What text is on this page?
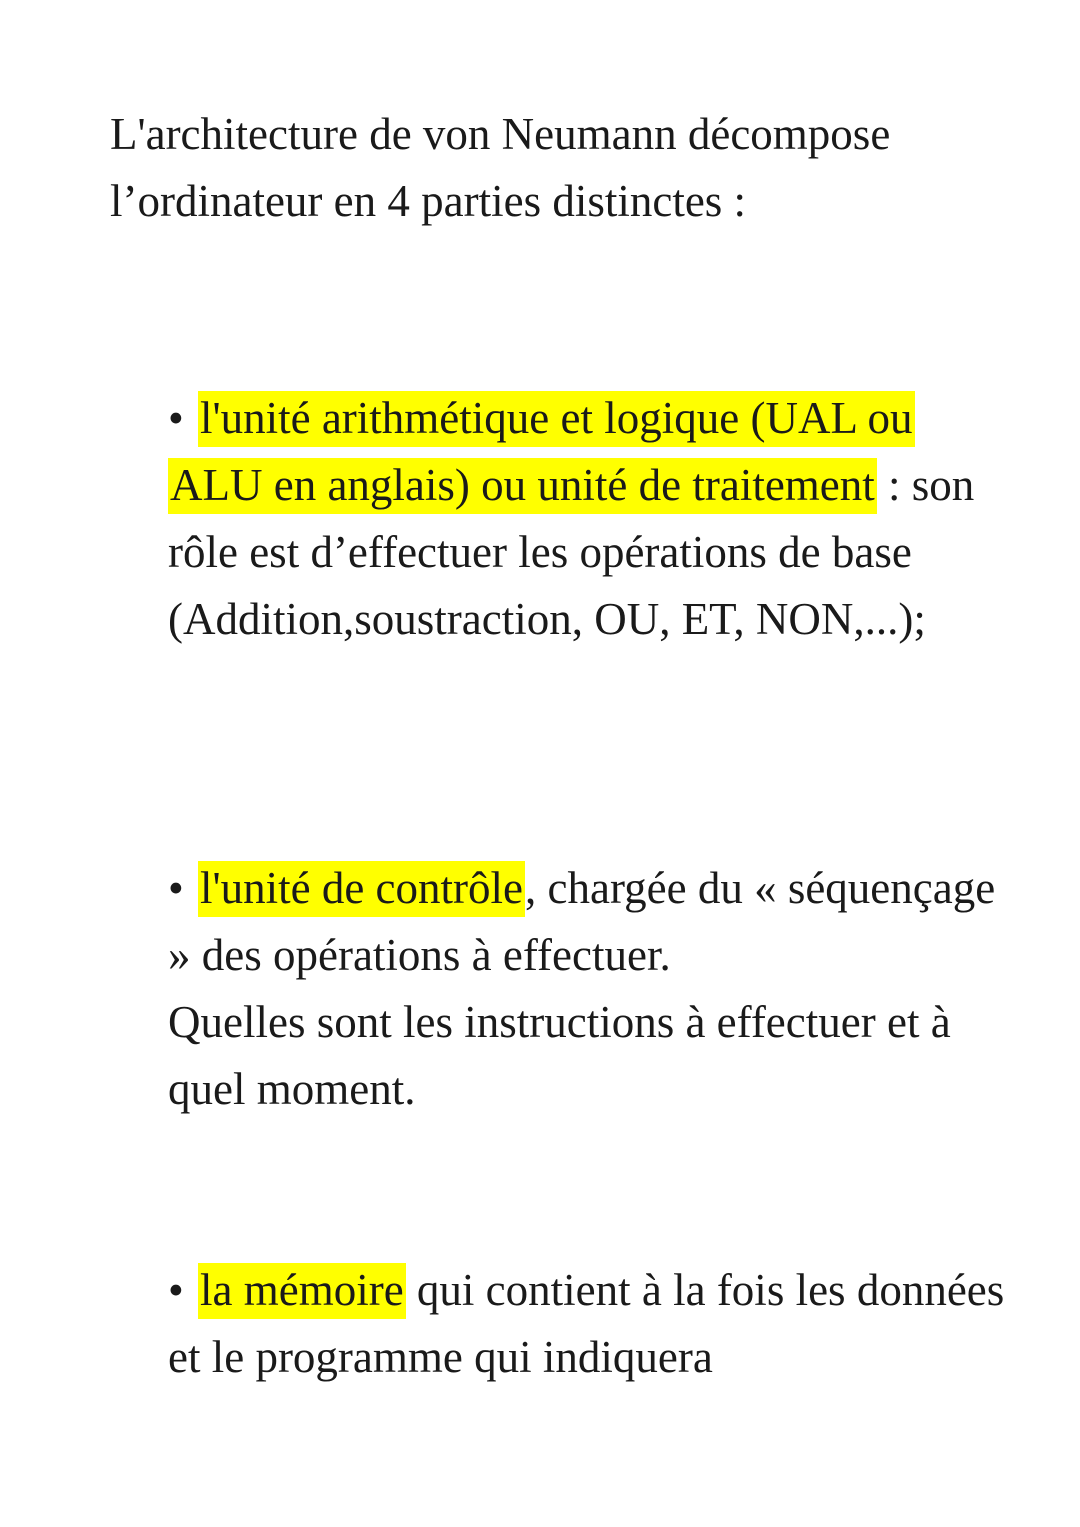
L'architecture de von Neumann décompose l’ordinateur en 4 parties distinctes :

• l'unité arithmétique et logique (UAL ou ALU en anglais) ou unité de traitement : son rôle est d’effectuer les opérations de base (Addition,soustraction, OU, ET, NON,...);

• l'unité de contrôle, chargée du « séquençage » des opérations à effectuer.
Quelles sont les instructions à effectuer et à quel moment.

• la mémoire qui contient à la fois les données et le programme qui indiquera
